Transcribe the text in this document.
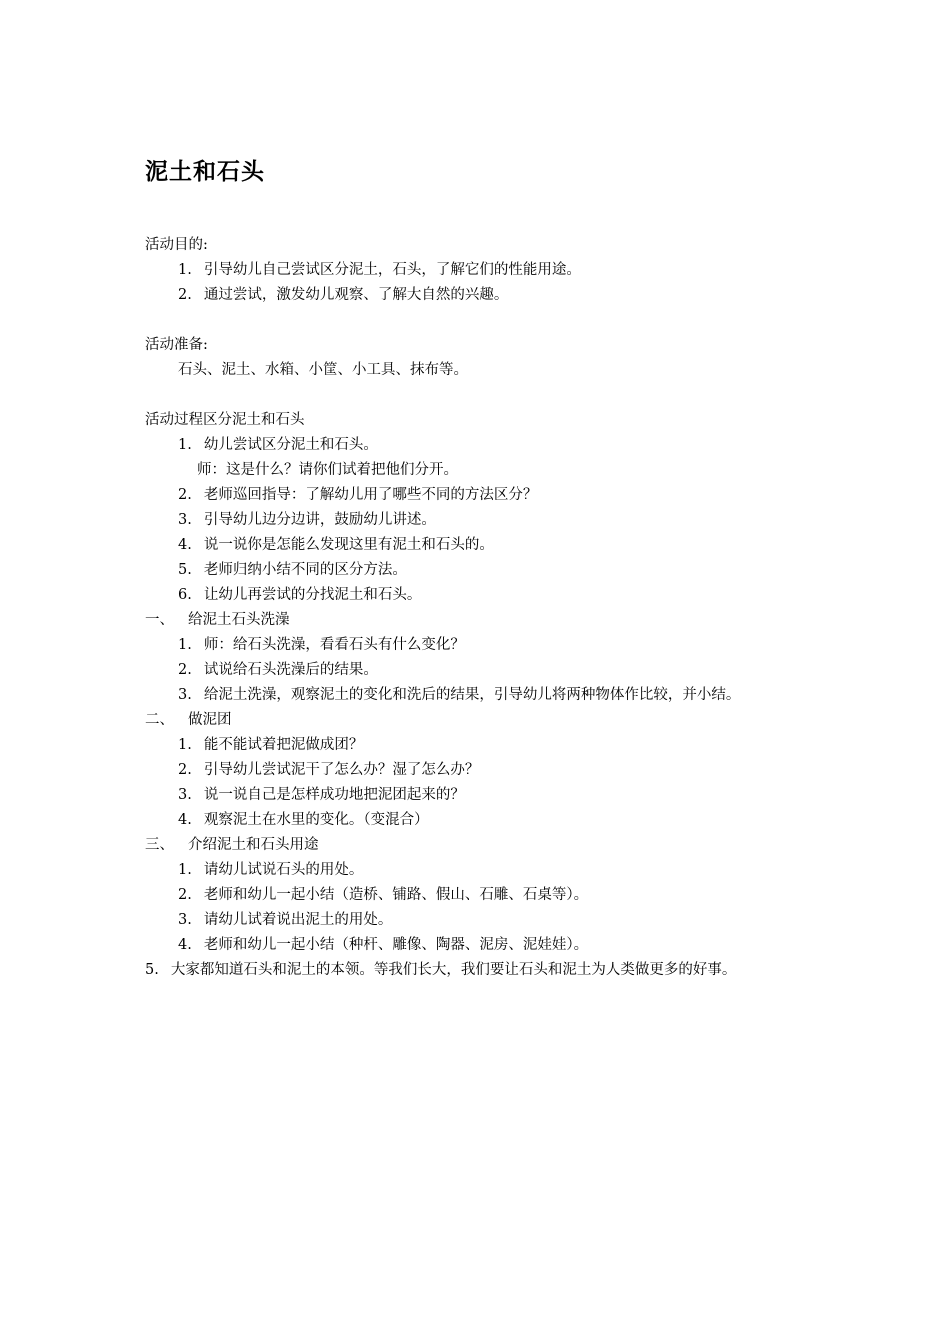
泥土和石头
活动目的:
1. 引导幼儿自己尝试区分泥土，石头，了解它们的性能用途。
2. 通过尝试，激发幼儿观察、了解大自然的兴趣。
活动准备:
石头、泥土、水箱、小筐、小工具、抹布等。
活动过程区分泥土和石头
1. 幼儿尝试区分泥土和石头。
师：这是什么？请你们试着把他们分开。
2. 老师巡回指导：了解幼儿用了哪些不同的方法区分？
3. 引导幼儿边分边讲，鼓励幼儿讲述。
4. 说一说你是怎能么发现这里有泥土和石头的。
5. 老师归纳小结不同的区分方法。
6. 让幼儿再尝试的分找泥土和石头。
一、 给泥土石头洗澡
1. 师：给石头洗澡，看看石头有什么变化？
2. 试说给石头洗澡后的结果。
3. 给泥土洗澡，观察泥土的变化和洗后的结果，引导幼儿将两种物体作比较，并小结。
二、 做泥团
1. 能不能试着把泥做成团？
2. 引导幼儿尝试泥干了怎么办？湿了怎么办？
3. 说一说自己是怎样成功地把泥团起来的？
4. 观察泥土在水里的变化。（变混合）
三、 介绍泥土和石头用途
1. 请幼儿试说石头的用处。
2. 老师和幼儿一起小结（造桥、铺路、假山、石雕、石桌等）。
3. 请幼儿试着说出泥土的用处。
4. 老师和幼儿一起小结（种杆、雕像、陶器、泥房、泥娃娃）。
5. 大家都知道石头和泥土的本领。等我们长大，我们要让石头和泥土为人类做更多的好事。
